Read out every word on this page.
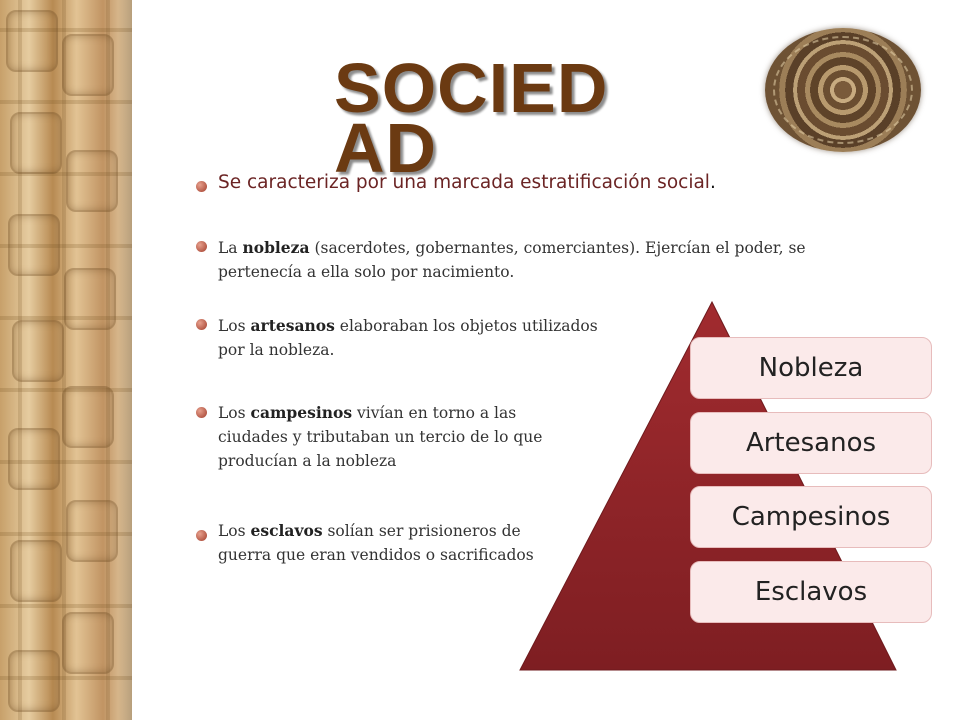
SOCIEDAD

Se caracteriza por una marcada estratificación social.

La nobleza (sacerdotes, gobernantes, comerciantes). Ejercían el poder, se pertenecía a ella solo por nacimiento.

Los artesanos elaboraban los objetos utilizados por la nobleza.

Los campesinos vivían en torno a las ciudades y tributaban un tercio de lo que producían a la nobleza

Los esclavos solían ser prisioneros de guerra que eran vendidos o sacrificados

Nobleza
Artesanos
Campesinos
Esclavos
